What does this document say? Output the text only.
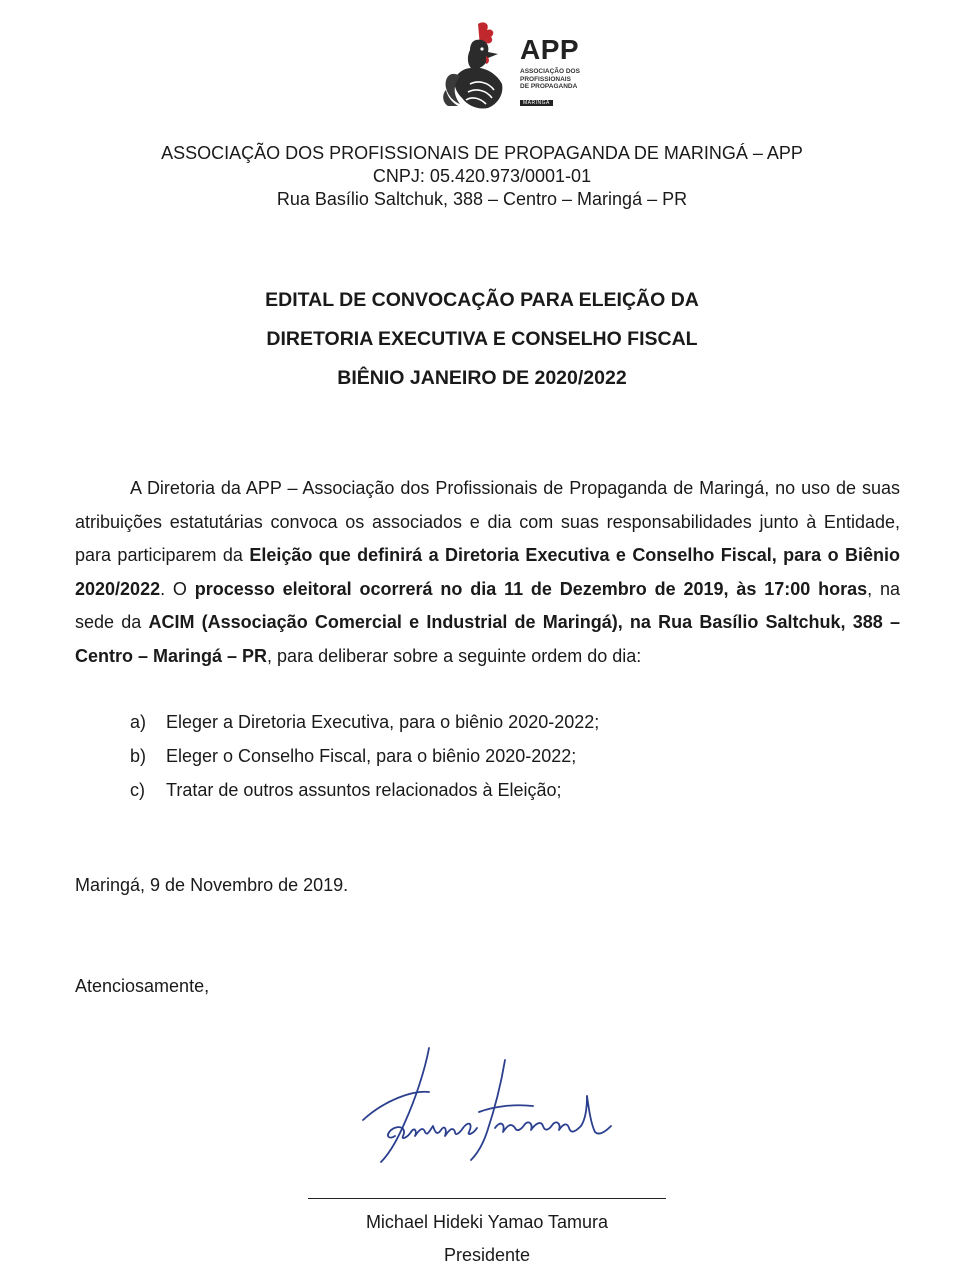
APP
ASSOCIAÇÃO DOS
PROFISSIONAIS
DE PROPAGANDA
MARINGÁ
ASSOCIAÇÃO DOS PROFISSIONAIS DE PROPAGANDA DE MARINGÁ – APP
CNPJ: 05.420.973/0001-01
Rua Basílio Saltchuk, 388 – Centro – Maringá – PR
EDITAL DE CONVOCAÇÃO PARA ELEIÇÃO DA
DIRETORIA EXECUTIVA E CONSELHO FISCAL
BIÊNIO JANEIRO DE 2020/2022
A Diretoria da APP – Associação dos Profissionais de Propaganda de Maringá, no uso de suas atribuições estatutárias convoca os associados e dia com suas responsabilidades junto à Entidade, para participarem da Eleição que definirá a Diretoria Executiva e Conselho Fiscal, para o Biênio 2020/2022. O processo eleitoral ocorrerá no dia 11 de Dezembro de 2019, às 17:00 horas, na sede da ACIM (Associação Comercial e Industrial de Maringá), na Rua Basílio Saltchuk, 388 – Centro – Maringá – PR, para deliberar sobre a seguinte ordem do dia:
a) Eleger a Diretoria Executiva, para o biênio 2020-2022;
b) Eleger o Conselho Fiscal, para o biênio 2020-2022;
c) Tratar de outros assuntos relacionados à Eleição;
Maringá, 9 de Novembro de 2019.
Atenciosamente,
Michael Hideki Yamao Tamura
Presidente
